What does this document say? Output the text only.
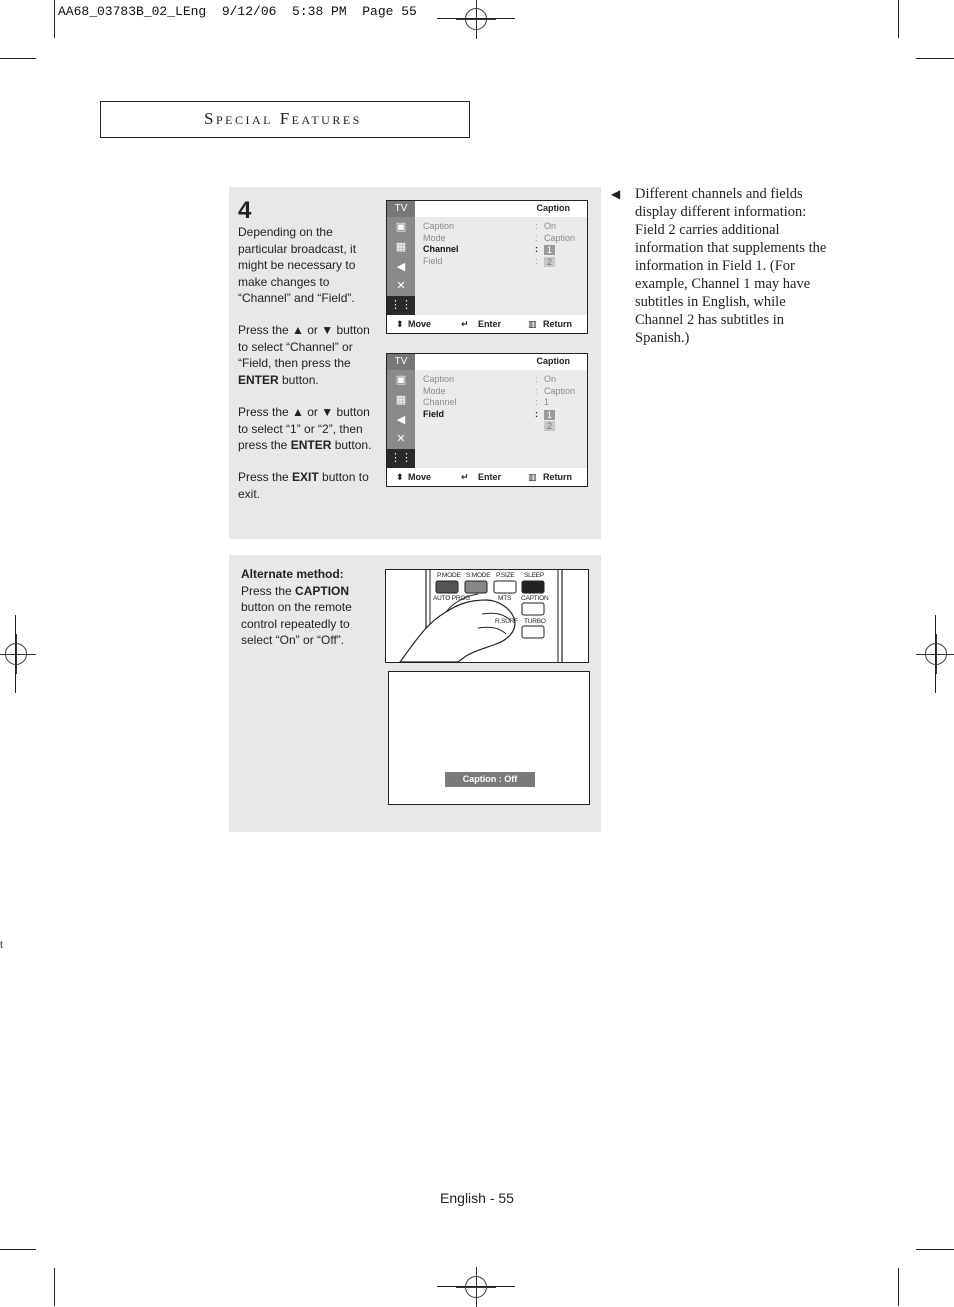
AA68_03783B_02_LEng  9/12/06  5:38 PM  Page 55
Special Features
4
Depending on the particular broadcast, it might be necessary to make changes to “Channel” and “Field”.
Press the ▲ or ▼ button to select “Channel” or “Field, then press the ENTER button.
Press the ▲ or ▼ button to select “1” or “2”, then press the ENTER button.
Press the EXIT button to exit.
TV	Caption
▣
▦
◀
✕
⋮⋮
Caption	: On
Mode	: Caption
Channel	:	1
Field	:	2
⬍ Move	↵ Enter	▥ Return
TV	Caption
▣
▦
◀
✕
⋮⋮
Caption	: On
Mode	: Caption
Channel	: 1
Field	:	1
2
⬍ Move	↵ Enter	▥ Return
Alternate method:
Press the CAPTION button on the remote control repeatedly to select “On” or “Off”.
P.MODE S.MODE P.SIZE SLEEP
AUTO PROG	MTS CAPTION
R.SURF TURBO
Caption : Off
◀ Different channels and fields display different information: Field 2 carries additional information that supplements the information in Field 1. (For example, Channel 1 may have subtitles in English, while Channel 2 has subtitles in Spanish.)
English - 55
t
